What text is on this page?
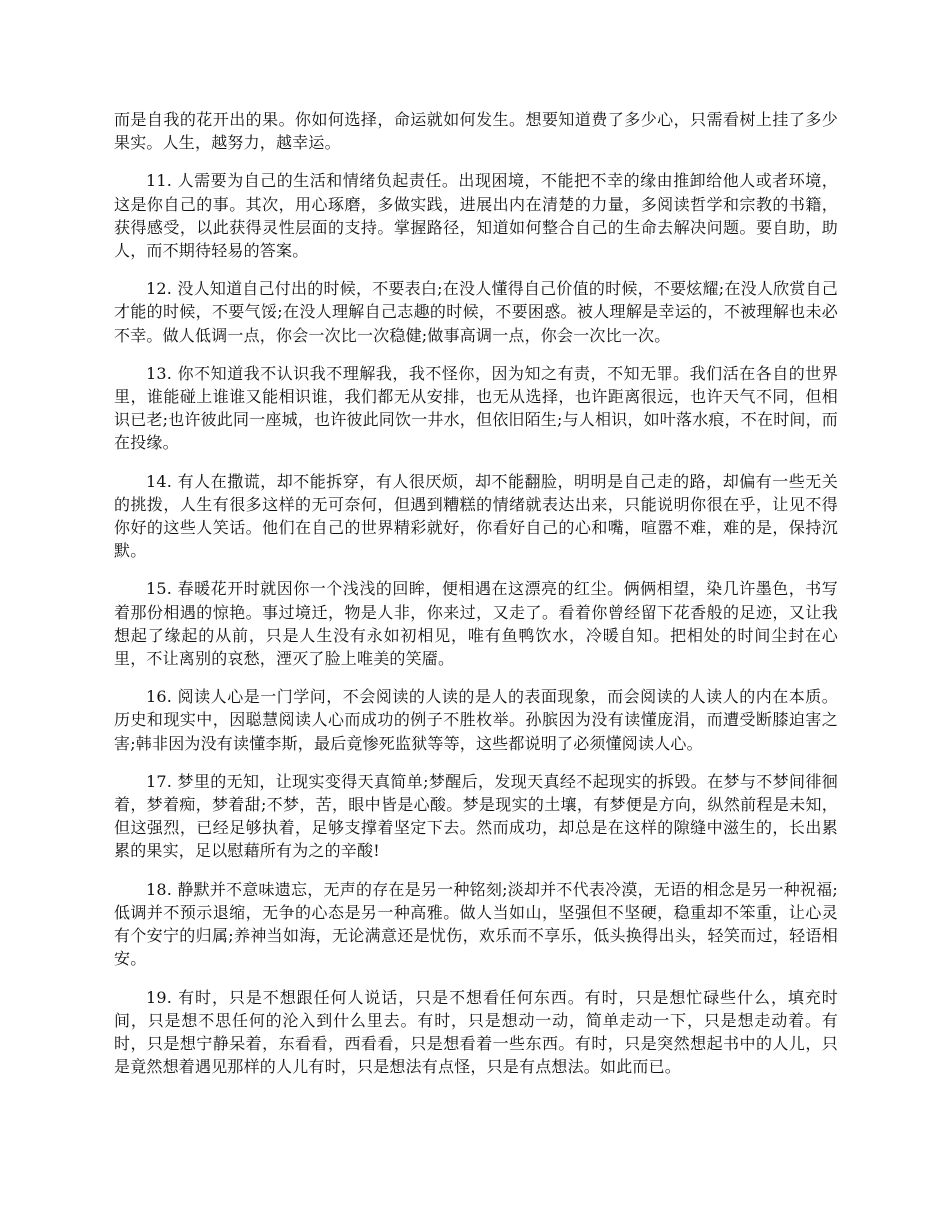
而是自我的花开出的果。你如何选择，命运就如何发生。想要知道费了多少心，只需看树上挂了多少果实。人生，越努力，越幸运。

11. 人需要为自己的生活和情绪负起责任。出现困境，不能把不幸的缘由推卸给他人或者环境，这是你自己的事。其次，用心琢磨，多做实践，进展出内在清楚的力量，多阅读哲学和宗教的书籍，获得感受，以此获得灵性层面的支持。掌握路径，知道如何整合自己的生命去解决问题。要自助，助人，而不期待轻易的答案。

12. 没人知道自己付出的时候，不要表白;在没人懂得自己价值的时候，不要炫耀;在没人欣赏自己才能的时候，不要气馁;在没人理解自己志趣的时候，不要困惑。被人理解是幸运的，不被理解也未必不幸。做人低调一点，你会一次比一次稳健;做事高调一点，你会一次比一次。

13. 你不知道我不认识我不理解我，我不怪你，因为知之有责，不知无罪。我们活在各自的世界里，谁能碰上谁谁又能相识谁，我们都无从安排，也无从选择，也许距离很远，也许天气不同，但相识已老;也许彼此同一座城，也许彼此同饮一井水，但依旧陌生;与人相识，如叶落水痕，不在时间，而在投缘。

14. 有人在撒谎，却不能拆穿，有人很厌烦，却不能翻脸，明明是自己走的路，却偏有一些无关的挑拨，人生有很多这样的无可奈何，但遇到糟糕的情绪就表达出来，只能说明你很在乎，让见不得你好的这些人笑话。他们在自己的世界精彩就好，你看好自己的心和嘴，喧嚣不难，难的是，保持沉默。

15. 春暖花开时就因你一个浅浅的回眸，便相遇在这漂亮的红尘。俩俩相望，染几许墨色，书写着那份相遇的惊艳。事过境迁，物是人非，你来过，又走了。看着你曾经留下花香般的足迹，又让我想起了缘起的从前，只是人生没有永如初相见，唯有鱼鸭饮水，冷暖自知。把相处的时间尘封在心里，不让离别的哀愁，湮灭了脸上唯美的笑靥。

16. 阅读人心是一门学问，不会阅读的人读的是人的表面现象，而会阅读的人读人的内在本质。历史和现实中，因聪慧阅读人心而成功的例子不胜枚举。孙膑因为没有读懂庞涓，而遭受断膝迫害之害;韩非因为没有读懂李斯，最后竟惨死监狱等等，这些都说明了必须懂阅读人心。

17. 梦里的无知，让现实变得天真简单;梦醒后，发现天真经不起现实的拆毁。在梦与不梦间徘徊着，梦着痴，梦着甜;不梦，苦，眼中皆是心酸。梦是现实的土壤，有梦便是方向，纵然前程是未知，但这强烈，已经足够执着，足够支撑着坚定下去。然而成功，却总是在这样的隙缝中滋生的，长出累累的果实，足以慰藉所有为之的辛酸!

18. 静默并不意味遗忘，无声的存在是另一种铭刻;淡却并不代表冷漠，无语的相念是另一种祝福;低调并不预示退缩，无争的心态是另一种高雅。做人当如山，坚强但不坚硬，稳重却不笨重，让心灵有个安宁的归属;养神当如海，无论满意还是忧伤，欢乐而不享乐，低头换得出头，轻笑而过，轻语相安。

19. 有时，只是不想跟任何人说话，只是不想看任何东西。有时，只是想忙碌些什么，填充时间，只是想不思任何的沦入到什么里去。有时，只是想动一动，简单走动一下，只是想走动着。有时，只是想宁静呆着，东看看，西看看，只是想看着一些东西。有时，只是突然想起书中的人儿，只是竟然想着遇见那样的人儿有时，只是想法有点怪，只是有点想法。如此而已。
